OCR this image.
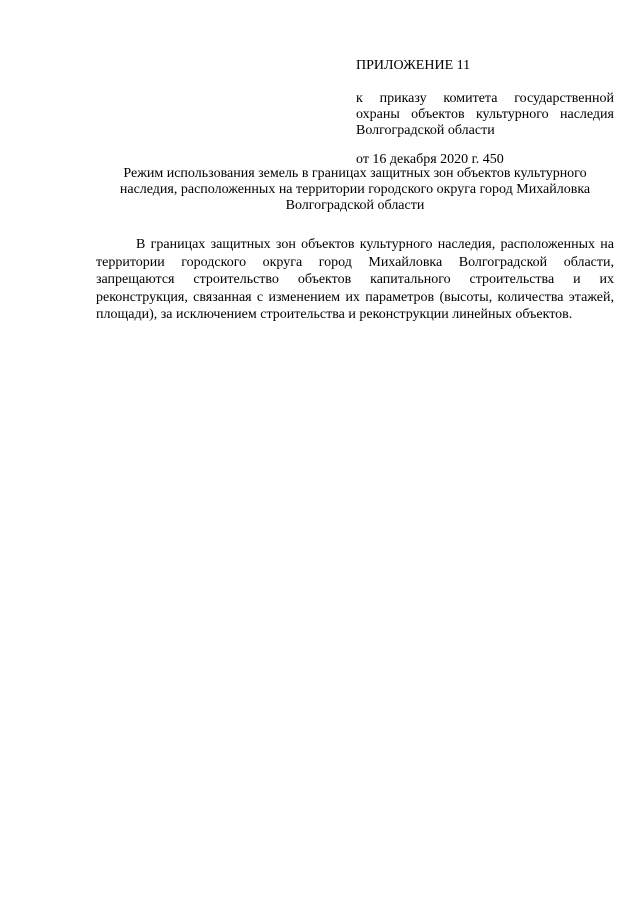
ПРИЛОЖЕНИЕ 11

к приказу комитета государственной охраны объектов культурного наследия Волгоградской области

от 16 декабря 2020 г. 450

Режим использования земель в границах защитных зон объектов культурного наследия, расположенных на территории городского округа город Михайловка Волгоградской области

В границах защитных зон объектов культурного наследия, расположенных на территории городского округа город Михайловка Волгоградской области, запрещаются строительство объектов капитального строительства и их реконструкция, связанная с изменением их параметров (высоты, количества этажей, площади), за исключением строительства и реконструкции линейных объектов.
